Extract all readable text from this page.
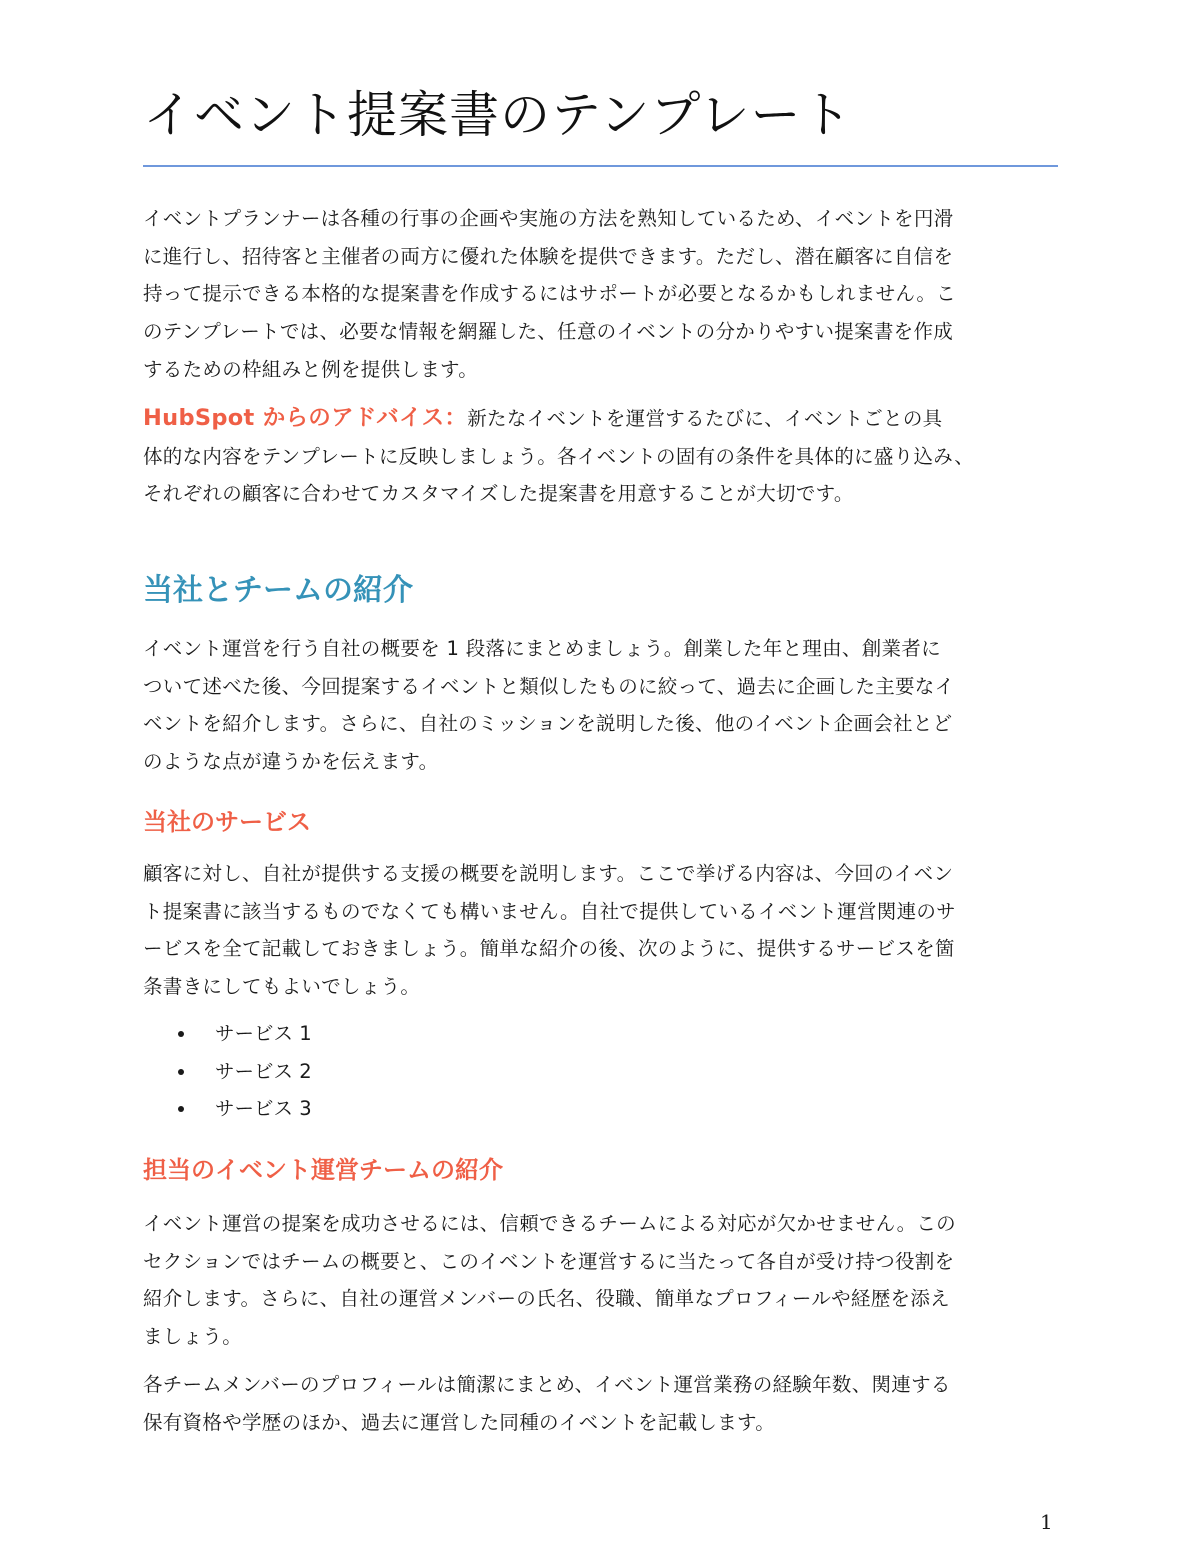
イベント提案書のテンプレート
イベントプランナーは各種の行事の企画や実施の方法を熟知しているため、イベントを円滑
に進行し、招待客と主催者の両方に優れた体験を提供できます。ただし、潜在顧客に自信を
持って提示できる本格的な提案書を作成するにはサポートが必要となるかもしれません。こ
のテンプレートでは、必要な情報を網羅した、任意のイベントの分かりやすい提案書を作成
するための枠組みと例を提供します。
HubSpot からのアドバイス：新たなイベントを運営するたびに、イベントごとの具
体的な内容をテンプレートに反映しましょう。各イベントの固有の条件を具体的に盛り込み、
それぞれの顧客に合わせてカスタマイズした提案書を用意することが大切です。
当社とチームの紹介
イベント運営を行う自社の概要を 1 段落にまとめましょう。創業した年と理由、創業者に
ついて述べた後、今回提案するイベントと類似したものに絞って、過去に企画した主要なイ
ベントを紹介します。さらに、自社のミッションを説明した後、他のイベント企画会社とど
のような点が違うかを伝えます。
当社のサービス
顧客に対し、自社が提供する支援の概要を説明します。ここで挙げる内容は、今回のイベン
ト提案書に該当するものでなくても構いません。自社で提供しているイベント運営関連のサ
ービスを全て記載しておきましょう。簡単な紹介の後、次のように、提供するサービスを箇
条書きにしてもよいでしょう。
サービス 1
サービス 2
サービス 3
担当のイベント運営チームの紹介
イベント運営の提案を成功させるには、信頼できるチームによる対応が欠かせません。この
セクションではチームの概要と、このイベントを運営するに当たって各自が受け持つ役割を
紹介します。さらに、自社の運営メンバーの氏名、役職、簡単なプロフィールや経歴を添え
ましょう。
各チームメンバーのプロフィールは簡潔にまとめ、イベント運営業務の経験年数、関連する
保有資格や学歴のほか、過去に運営した同種のイベントを記載します。
1
